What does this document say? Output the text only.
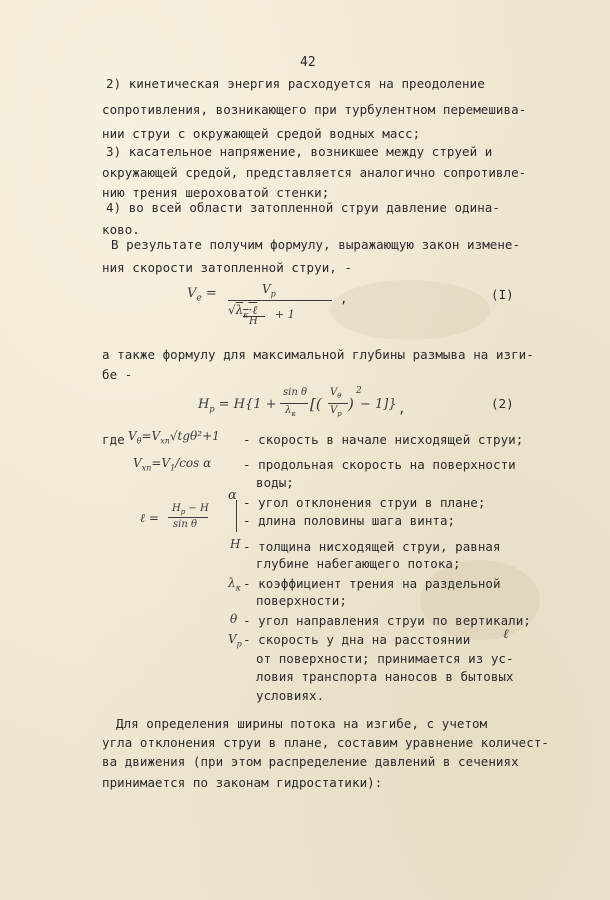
42
2) кинетическая энергия расходуется на преодоление
сопротивления, возникающего при турбулентном перемешива-
нии струи с окружающей средой водных масс;
3) касательное напряжение, возникшее между струей и
окружающей средой, представляется аналогично сопротивле-
нию трения шероховатой стенки;
4) во всей области затопленной струи давление одина-
ково.
В результате получим формулу, выражающую закон измене-
ния скорости затопленной струи, -
$V_e$ =	$V_p$
$√\lambda_\kappa\cdot\ell + 1$
H
,	(I)
а также формулу для максимальной глубины размыва на изги-
бе -
$H_p = H\{1$ +
sin θ
$\lambda_\kappa$
[(
$V_\theta$
$V_p$
)
2
− 1]} ,	(2)
где $V_\theta=V_{xn}√tg\theta^2+1$ - скорость в начале нисходящей струи;
$V_{xn}=V_1/\cos$ α	- продольная скорость на поверхности
воды;
α - угол отклонения струи в плане;
ℓ =
$H_p - H$
sin θ	- длина половины шага винта;
H - толщина нисходящей струи, равная
глубине набегающего потока;
$\lambda_\kappa$ - коэффициент трения на раздельной
поверхности;
θ - угол направления струи по вертикали;
$V_p$ - скорость у дна на расстоянии	ℓ
от поверхности; принимается из ус-
ловия транспорта наносов в бытовых
условиях.
Для определения ширины потока на изгибе, с учетом
угла отклонения струи в плане, составим уравнение количест-
ва движения (при этом распределение давлений в сечениях
принимается по законам гидростатики):
